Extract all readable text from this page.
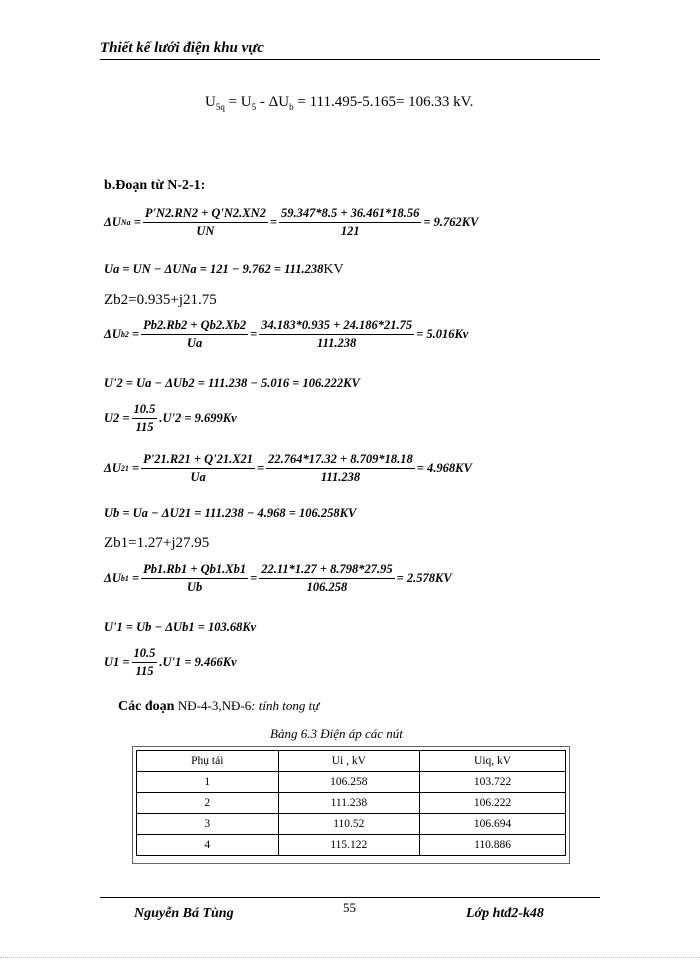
Thiết kế lưới điện khu vực
$U_{5q} = U_5 - \Delta U_b = 111.495-5.165= 106.33$ kV.
b.Đoạn từ N-2-1:
ΔU $Na = \frac{P'N2.RN2 + Q'N2.XN2}{UN} = \frac{59.347*8.5 + 36.461*18.56}{121} = 9.762KV$
Ua = UN − ΔUNa = 121 − 9.762 = 111.238KV
Zb2=0.935+j21.75
ΔU $b2 = \frac{Pb2.Rb2 + Qb2.Xb2}{Ua} = \frac{34.183*0.935 + 24.186*21.75}{111.238} = 5.016Kv$
U'2 = Ua − ΔUb2 = 111.238 − 5.016 = 106.222KV
$U2 = \frac{10.5}{115} .U'2 = 9.699Kv$
ΔU $21 = \frac{P'21.R21 + Q'21.X21}{Ua} = \frac{22.764*17.32 + 8.709*18.18}{111.238} = 4.968KV$
Ub = Ua − ΔU21 = 111.238 − 4.968 = 106.258KV
Zb1=1.27+j27.95
ΔU $b1 = \frac{Pb1.Rb1 + Qb1.Xb1}{Ub} = \frac{22.11*1.27 + 8.798*27.95}{106.258} = 2.578KV$
U'1 = Ub − ΔUb1 = 103.68Kv
$U1 = \frac{10.5}{115} .U'1 = 9.466Kv$
Các đoạn NĐ-4-3,NĐ-6: tính tong tự
Bảng 6.3 Điện áp các nút
Phụ tải	Ui , kV	Uiq, kV
1	106.258	103.722
2	111.238	106.222
3	110.52	106.694
4	115.122	110.886
Nguyễn Bá Tùng	55	Lớp htđ2-k48
